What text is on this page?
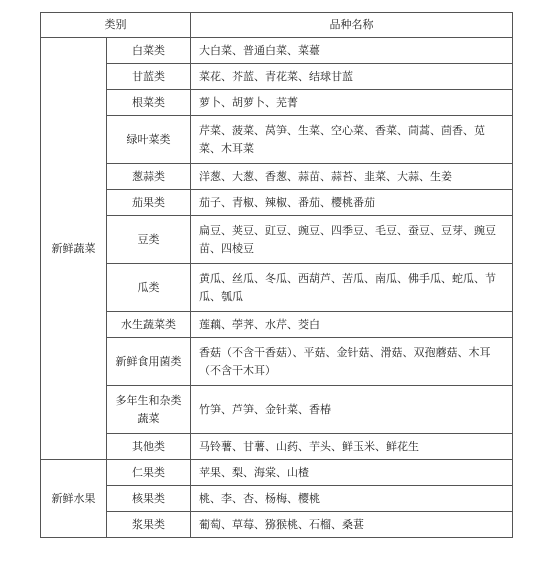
类别		品种名称
新鲜蔬菜	白菜类	大白菜、普通白菜、菜薹
	甘蓝类	菜花、芥蓝、青花菜、结球甘蓝
	根菜类	萝卜、胡萝卜、芜菁
	绿叶菜类	芹菜、菠菜、莴笋、生菜、空心菜、香菜、茼蒿、茴香、苋菜、木耳菜
	葱蒜类	洋葱、大葱、香葱、蒜苗、蒜苔、韭菜、大蒜、生姜
	茄果类	茄子、青椒、辣椒、番茄、樱桃番茄
	豆类	扁豆、荚豆、豇豆、豌豆、四季豆、毛豆、蚕豆、豆芽、豌豆苗、四棱豆
	瓜类	黄瓜、丝瓜、冬瓜、西葫芦、苦瓜、南瓜、佛手瓜、蛇瓜、节瓜、瓠瓜
	水生蔬菜类	莲藕、荸荠、水芹、茭白
	新鲜食用菌类	香菇（不含干香菇）、平菇、金针菇、滑菇、双孢蘑菇、木耳（不含干木耳）
	多年生和杂类蔬菜	竹笋、芦笋、金针菜、香椿
	其他类	马铃薯、甘薯、山药、芋头、鲜玉米、鲜花生
新鲜水果	仁果类	苹果、梨、海棠、山楂
	核果类	桃、李、杏、杨梅、樱桃
	浆果类	葡萄、草莓、猕猴桃、石榴、桑葚
